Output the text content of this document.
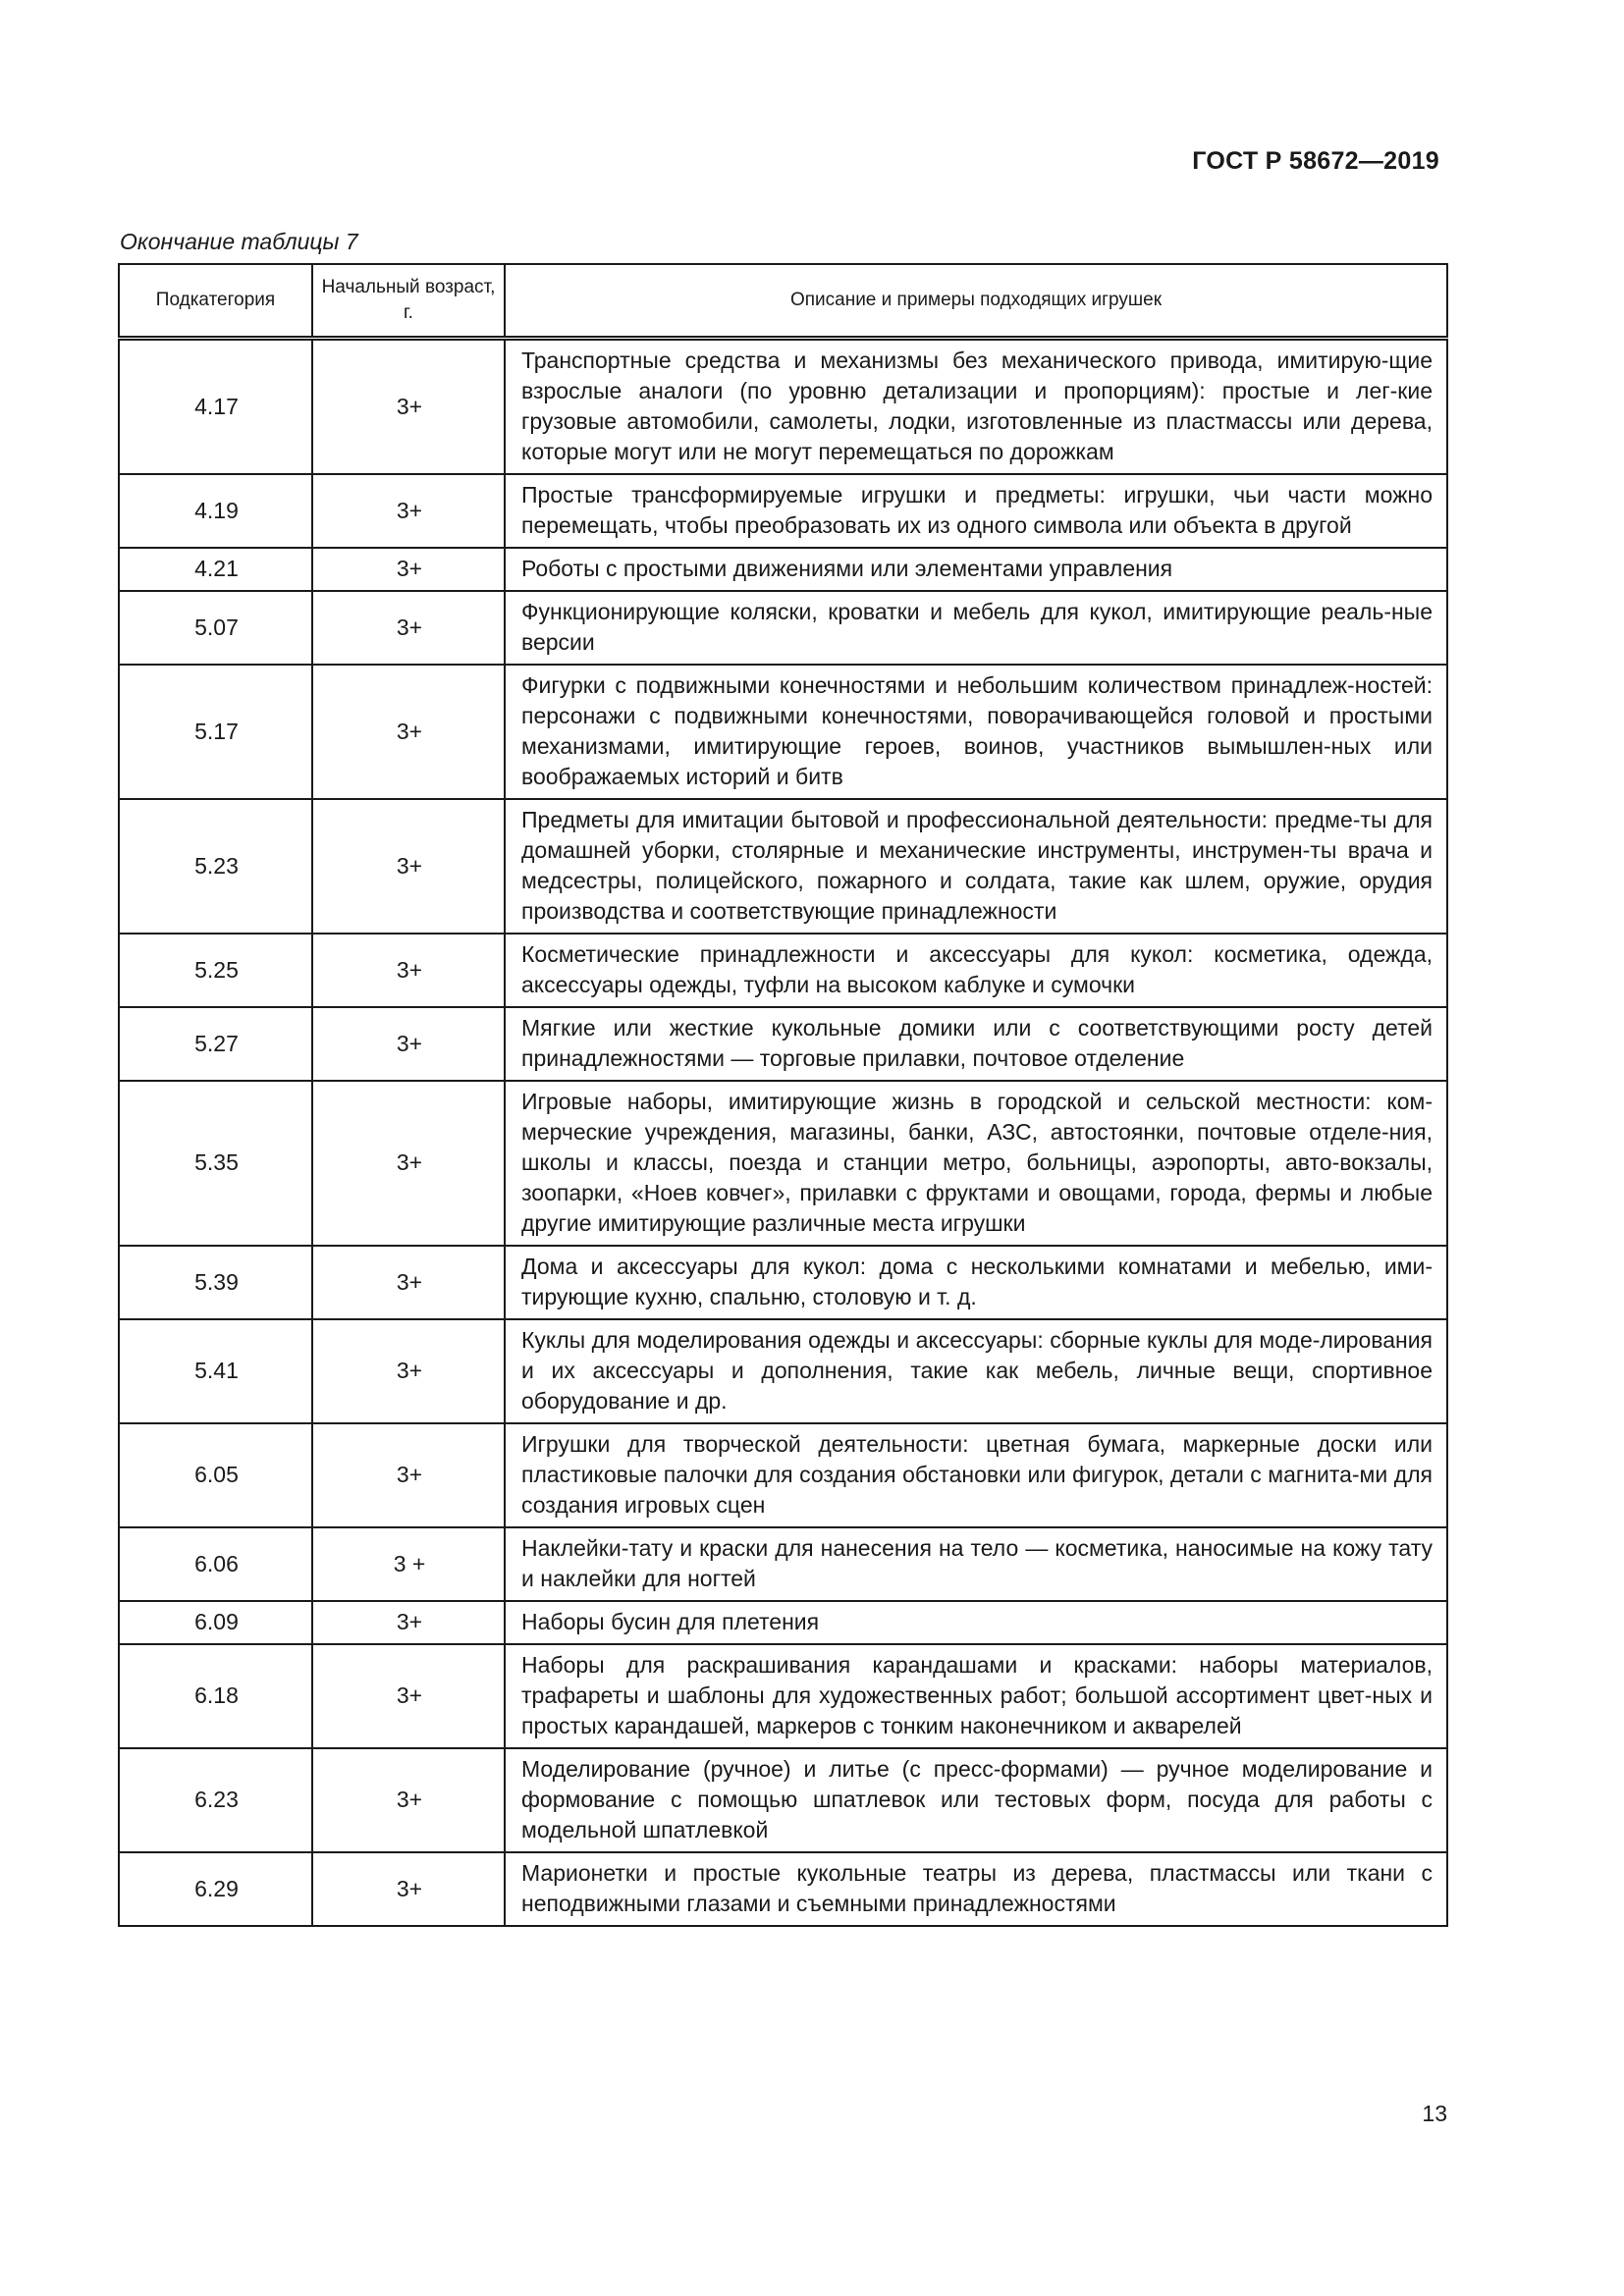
ГОСТ Р 58672—2019
Окончание таблицы 7
Подкатегория	Начальный возраст, г.	Описание и примеры подходящих игрушек
4.17	3+	Транспортные средства и механизмы без механического привода, имитирую-щие взрослые аналоги (по уровню детализации и пропорциям): простые и лег-кие грузовые автомобили, самолеты, лодки, изготовленные из пластмассы или дерева, которые могут или не могут перемещаться по дорожкам
4.19	3+	Простые трансформируемые игрушки и предметы: игрушки, чьи части можно перемещать, чтобы преобразовать их из одного символа или объекта в другой
4.21	3+	Роботы с простыми движениями или элементами управления
5.07	3+	Функционирующие коляски, кроватки и мебель для кукол, имитирующие реаль-ные версии
5.17	3+	Фигурки с подвижными конечностями и небольшим количеством принадлеж-ностей: персонажи с подвижными конечностями, поворачивающейся головой и простыми механизмами, имитирующие героев, воинов, участников вымышлен-ных или воображаемых историй и битв
5.23	3+	Предметы для имитации бытовой и профессиональной деятельности: предме-ты для домашней уборки, столярные и механические инструменты, инструмен-ты врача и медсестры, полицейского, пожарного и солдата, такие как шлем, оружие, орудия производства и соответствующие принадлежности
5.25	3+	Косметические принадлежности и аксессуары для кукол: косметика, одежда, аксессуары одежды, туфли на высоком каблуке и сумочки
5.27	3+	Мягкие или жесткие кукольные домики или с соответствующими росту детей принадлежностями — торговые прилавки, почтовое отделение
5.35	3+	Игровые наборы, имитирующие жизнь в городской и сельской местности: ком-мерческие учреждения, магазины, банки, АЗС, автостоянки, почтовые отделе-ния, школы и классы, поезда и станции метро, больницы, аэропорты, авто-вокзалы, зоопарки, «Ноев ковчег», прилавки с фруктами и овощами, города, фермы и любые другие имитирующие различные места игрушки
5.39	3+	Дома и аксессуары для кукол: дома с несколькими комнатами и мебелью, ими-тирующие кухню, спальню, столовую и т. д.
5.41	3+	Куклы для моделирования одежды и аксессуары: сборные куклы для моде-лирования и их аксессуары и дополнения, такие как мебель, личные вещи, спортивное оборудование и др.
6.05	3+	Игрушки для творческой деятельности: цветная бумага, маркерные доски или пластиковые палочки для создания обстановки или фигурок, детали с магнита-ми для создания игровых сцен
6.06	3 +	Наклейки-тату и краски для нанесения на тело — косметика, наносимые на кожу тату и наклейки для ногтей
6.09	3+	Наборы бусин для плетения
6.18	3+	Наборы для раскрашивания карандашами и красками: наборы материалов, трафареты и шаблоны для художественных работ; большой ассортимент цвет-ных и простых карандашей, маркеров с тонким наконечником и акварелей
6.23	3+	Моделирование (ручное) и литье (с пресс-формами) — ручное моделирование и формование с помощью шпатлевок или тестовых форм, посуда для работы с модельной шпатлевкой
6.29	3+	Марионетки и простые кукольные театры из дерева, пластмассы или ткани с неподвижными глазами и съемными принадлежностями
13
